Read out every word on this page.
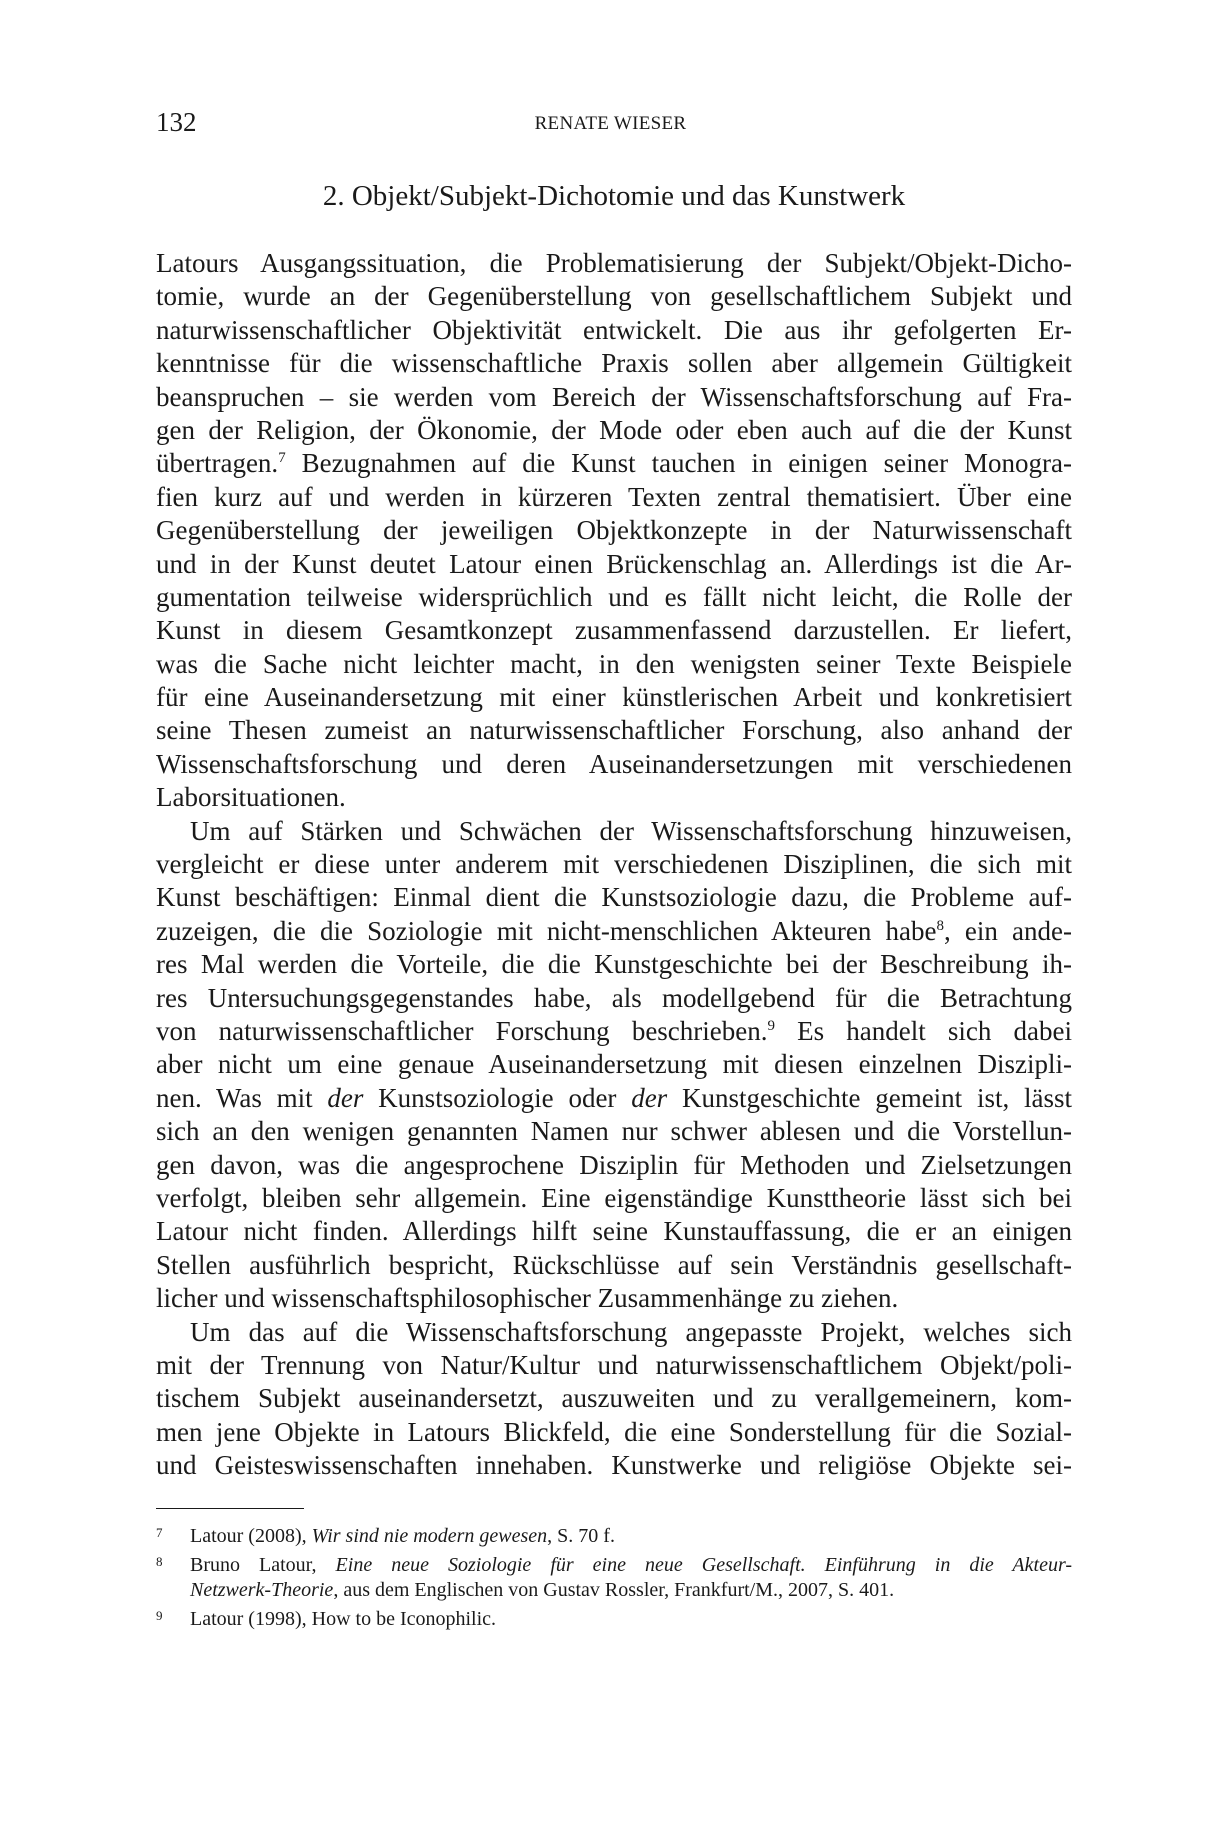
132	RENATE WIESER
2. Objekt/Subjekt-Dichotomie und das Kunstwerk
Latours Ausgangssituation, die Problematisierung der Subjekt/Objekt-Dicho-
tomie, wurde an der Gegenüberstellung von gesellschaftlichem Subjekt und
naturwissenschaftlicher Objektivität entwickelt. Die aus ihr gefolgerten Er-
kenntnisse für die wissenschaftliche Praxis sollen aber allgemein Gültigkeit
beanspruchen – sie werden vom Bereich der Wissenschaftsforschung auf Fra-
gen der Religion, der Ökonomie, der Mode oder eben auch auf die der Kunst
übertragen.$^7$ Bezugnahmen auf die Kunst tauchen in einigen seiner Monogra-
fien kurz auf und werden in kürzeren Texten zentral thematisiert. Über eine
Gegenüberstellung der jeweiligen Objektkonzepte in der Naturwissenschaft
und in der Kunst deutet Latour einen Brückenschlag an. Allerdings ist die Ar-
gumentation teilweise widersprüchlich und es fällt nicht leicht, die Rolle der
Kunst in diesem Gesamtkonzept zusammenfassend darzustellen. Er liefert,
was die Sache nicht leichter macht, in den wenigsten seiner Texte Beispiele
für eine Auseinandersetzung mit einer künstlerischen Arbeit und konkretisiert
seine Thesen zumeist an naturwissenschaftlicher Forschung, also anhand der
Wissenschaftsforschung und deren Auseinandersetzungen mit verschiedenen
Laborsituationen.
Um auf Stärken und Schwächen der Wissenschaftsforschung hinzuweisen,
vergleicht er diese unter anderem mit verschiedenen Disziplinen, die sich mit
Kunst beschäftigen: Einmal dient die Kunstsoziologie dazu, die Probleme auf-
zuzeigen, die die Soziologie mit nicht-menschlichen Akteuren habe$^8$, ein ande-
res Mal werden die Vorteile, die die Kunstgeschichte bei der Beschreibung ih-
res Untersuchungsgegenstandes habe, als modellgebend für die Betrachtung
von naturwissenschaftlicher Forschung beschrieben.$^9$ Es handelt sich dabei
aber nicht um eine genaue Auseinandersetzung mit diesen einzelnen Diszipli-
nen. Was mit der Kunstsoziologie oder der Kunstgeschichte gemeint ist, lässt
sich an den wenigen genannten Namen nur schwer ablesen und die Vorstellun-
gen davon, was die angesprochene Disziplin für Methoden und Zielsetzungen
verfolgt, bleiben sehr allgemein. Eine eigenständige Kunsttheorie lässt sich bei
Latour nicht finden. Allerdings hilft seine Kunstauffassung, die er an einigen
Stellen ausführlich bespricht, Rückschlüsse auf sein Verständnis gesellschaft-
licher und wissenschaftsphilosophischer Zusammenhänge zu ziehen.
Um das auf die Wissenschaftsforschung angepasste Projekt, welches sich
mit der Trennung von Natur/Kultur und naturwissenschaftlichem Objekt/poli-
tischem Subjekt auseinandersetzt, auszuweiten und zu verallgemeinern, kom-
men jene Objekte in Latours Blickfeld, die eine Sonderstellung für die Sozial-
und Geisteswissenschaften innehaben. Kunstwerke und religiöse Objekte sei-
7 Latour (2008), Wir sind nie modern gewesen, S. 70 f.
8 Bruno Latour, Eine neue Soziologie für eine neue Gesellschaft. Einführung in die Akteur-
Netzwerk-Theorie, aus dem Englischen von Gustav Rossler, Frankfurt/M., 2007, S. 401.
9 Latour (1998), How to be Iconophilic.
